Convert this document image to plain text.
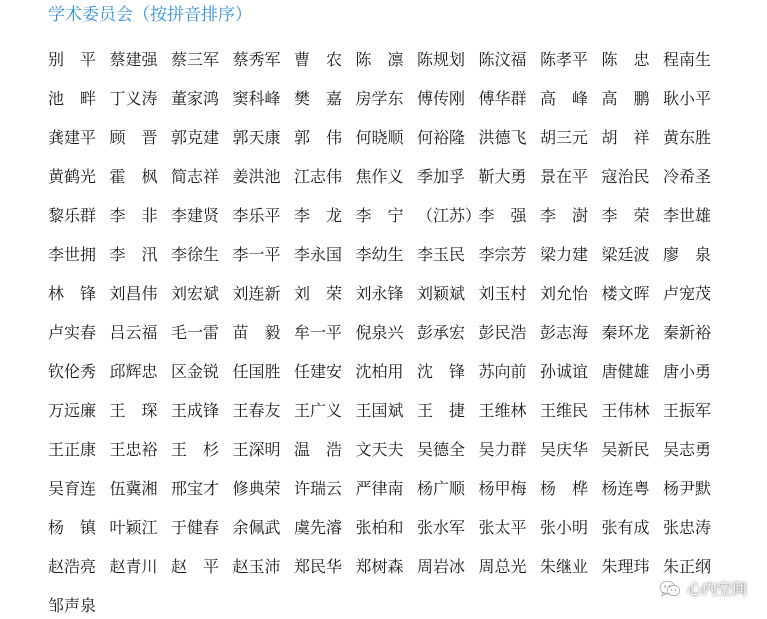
学术委员会（按拼音排序）
别　平 蔡建强 蔡三军 蔡秀军 曹　农 陈　凛 陈规划 陈汶福 陈孝平 陈　忠 程南生
池　畔 丁义涛 董家鸿 窦科峰 樊　嘉 房学东 傅传刚 傅华群 高　峰 高　鹏 耿小平
龚建平 顾　晋 郭克建 郭天康 郭　伟 何晓顺 何裕隆 洪德飞 胡三元 胡　祥 黄东胜
黄鹤光 霍　枫 简志祥 姜洪池 江志伟 焦作义 季加孚 靳大勇 景在平 寇治民 冷希圣
黎乐群 李　非 李建贤 李乐平 李　龙 李　宁 （江苏）
李　强 李　澍 李　荣 李世雄
李世拥 李　汛 李徐生 李一平 李永国 李幼生 李玉民 李宗芳 梁力建 梁廷波 廖　泉
林　锋 刘昌伟 刘宏斌 刘连新 刘　荣 刘永锋 刘颖斌 刘玉村 刘允怡 楼文晖 卢宠茂
卢实春 吕云福 毛一雷 苗　毅 牟一平 倪泉兴 彭承宏 彭民浩 彭志海 秦环龙 秦新裕
钦伦秀 邱辉忠 区金锐 任国胜 任建安 沈柏用 沈　锋 苏向前 孙诚谊 唐健雄 唐小勇
万远廉 王　琛 王成锋 王春友 王广义 王国斌 王　捷 王维林 王维民 王伟林 王振军
王正康 王忠裕 王　杉 王深明 温　浩 文天夫 吴德全 吴力群 吴庆华 吴新民 吴志勇
吴育连 伍冀湘 邢宝才 修典荣 许瑞云 严律南 杨广顺 杨甲梅 杨　桦 杨连粤 杨尹默
杨　镇 叶颖江 于健春 余佩武 虞先濬 张柏和 张水军 张太平 张小明 张有成 张忠涛
赵浩亮 赵青川 赵　平 赵玉沛 郑民华 郑树森 周岩冰 周总光 朱继业 朱理玮 朱正纲
邹声泉
心内空间
